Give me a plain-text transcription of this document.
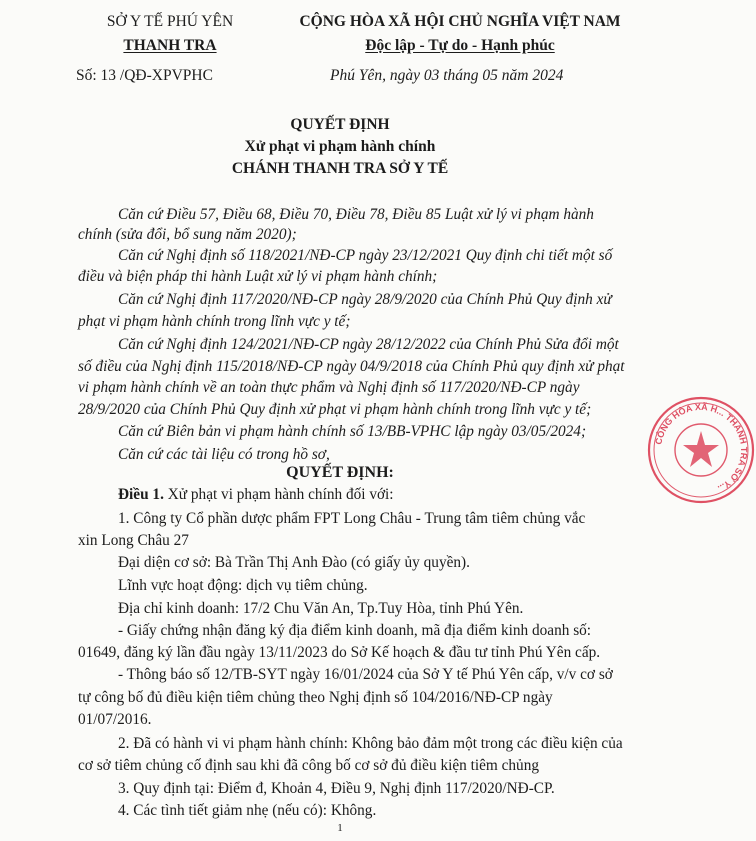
SỞ Y TẾ PHÚ YÊN
THANH TRA
Số: 13 /QĐ-XPVPHC
CỘNG HÒA XÃ HỘI CHỦ NGHĨA VIỆT NAM
Độc lập - Tự do - Hạnh phúc
Phú Yên, ngày 03 tháng 05 năm 2024
QUYẾT ĐỊNH
Xử phạt vi phạm hành chính
CHÁNH THANH TRA SỞ Y TẾ
Căn cứ Điều 57, Điều 68, Điều 70, Điều 78, Điều 85 Luật xử lý vi phạm hành
chính (sửa đổi, bổ sung năm 2020);
Căn cứ Nghị định số 118/2021/NĐ-CP ngày 23/12/2021 Quy định chi tiết một số
điều và biện pháp thi hành Luật xử lý vi phạm hành chính;
Căn cứ Nghị định 117/2020/NĐ-CP ngày 28/9/2020 của Chính Phủ Quy định xử
phạt vi phạm hành chính trong lĩnh vực y tế;
Căn cứ Nghị định 124/2021/NĐ-CP ngày 28/12/2022 của Chính Phủ Sửa đổi một
số điều của Nghị định 115/2018/NĐ-CP ngày 04/9/2018 của Chính Phủ quy định xử phạt
vi phạm hành chính về an toàn thực phẩm và Nghị định số 117/2020/NĐ-CP ngày
28/9/2020 của Chính Phủ Quy định xử phạt vi phạm hành chính trong lĩnh vực y tế;
Căn cứ Biên bản vi phạm hành chính số 13/BB-VPHC lập ngày 03/05/2024;
Căn cứ các tài liệu có trong hồ sơ,
QUYẾT ĐỊNH:
Điều 1. Xử phạt vi phạm hành chính đối với:
1. Công ty Cổ phần dược phẩm FPT Long Châu - Trung tâm tiêm chủng vắc
xin Long Châu 27
Đại diện cơ sở: Bà Trần Thị Anh Đào (có giấy ủy quyền).
Lĩnh vực hoạt động: dịch vụ tiêm chủng.
Địa chỉ kinh doanh: 17/2 Chu Văn An, Tp.Tuy Hòa, tỉnh Phú Yên.
- Giấy chứng nhận đăng ký địa điểm kinh doanh, mã địa điểm kinh doanh số:
01649, đăng ký lần đầu ngày 13/11/2023 do Sở Kế hoạch & đầu tư tỉnh Phú Yên cấp.
- Thông báo số 12/TB-SYT ngày 16/01/2024 của Sở Y tế Phú Yên cấp, v/v cơ sở
tự công bố đủ điều kiện tiêm chủng theo Nghị định số 104/2016/NĐ-CP ngày
01/07/2016.
2. Đã có hành vi vi phạm hành chính: Không bảo đảm một trong các điều kiện của
cơ sở tiêm chủng cố định sau khi đã công bố cơ sở đủ điều kiện tiêm chủng
3. Quy định tại: Điểm đ, Khoản 4, Điều 9, Nghị định 117/2020/NĐ-CP.
4. Các tình tiết giảm nhẹ (nếu có): Không.
1
CÔNG HÒA XÃ H... THANH TRA SỞ Y...
